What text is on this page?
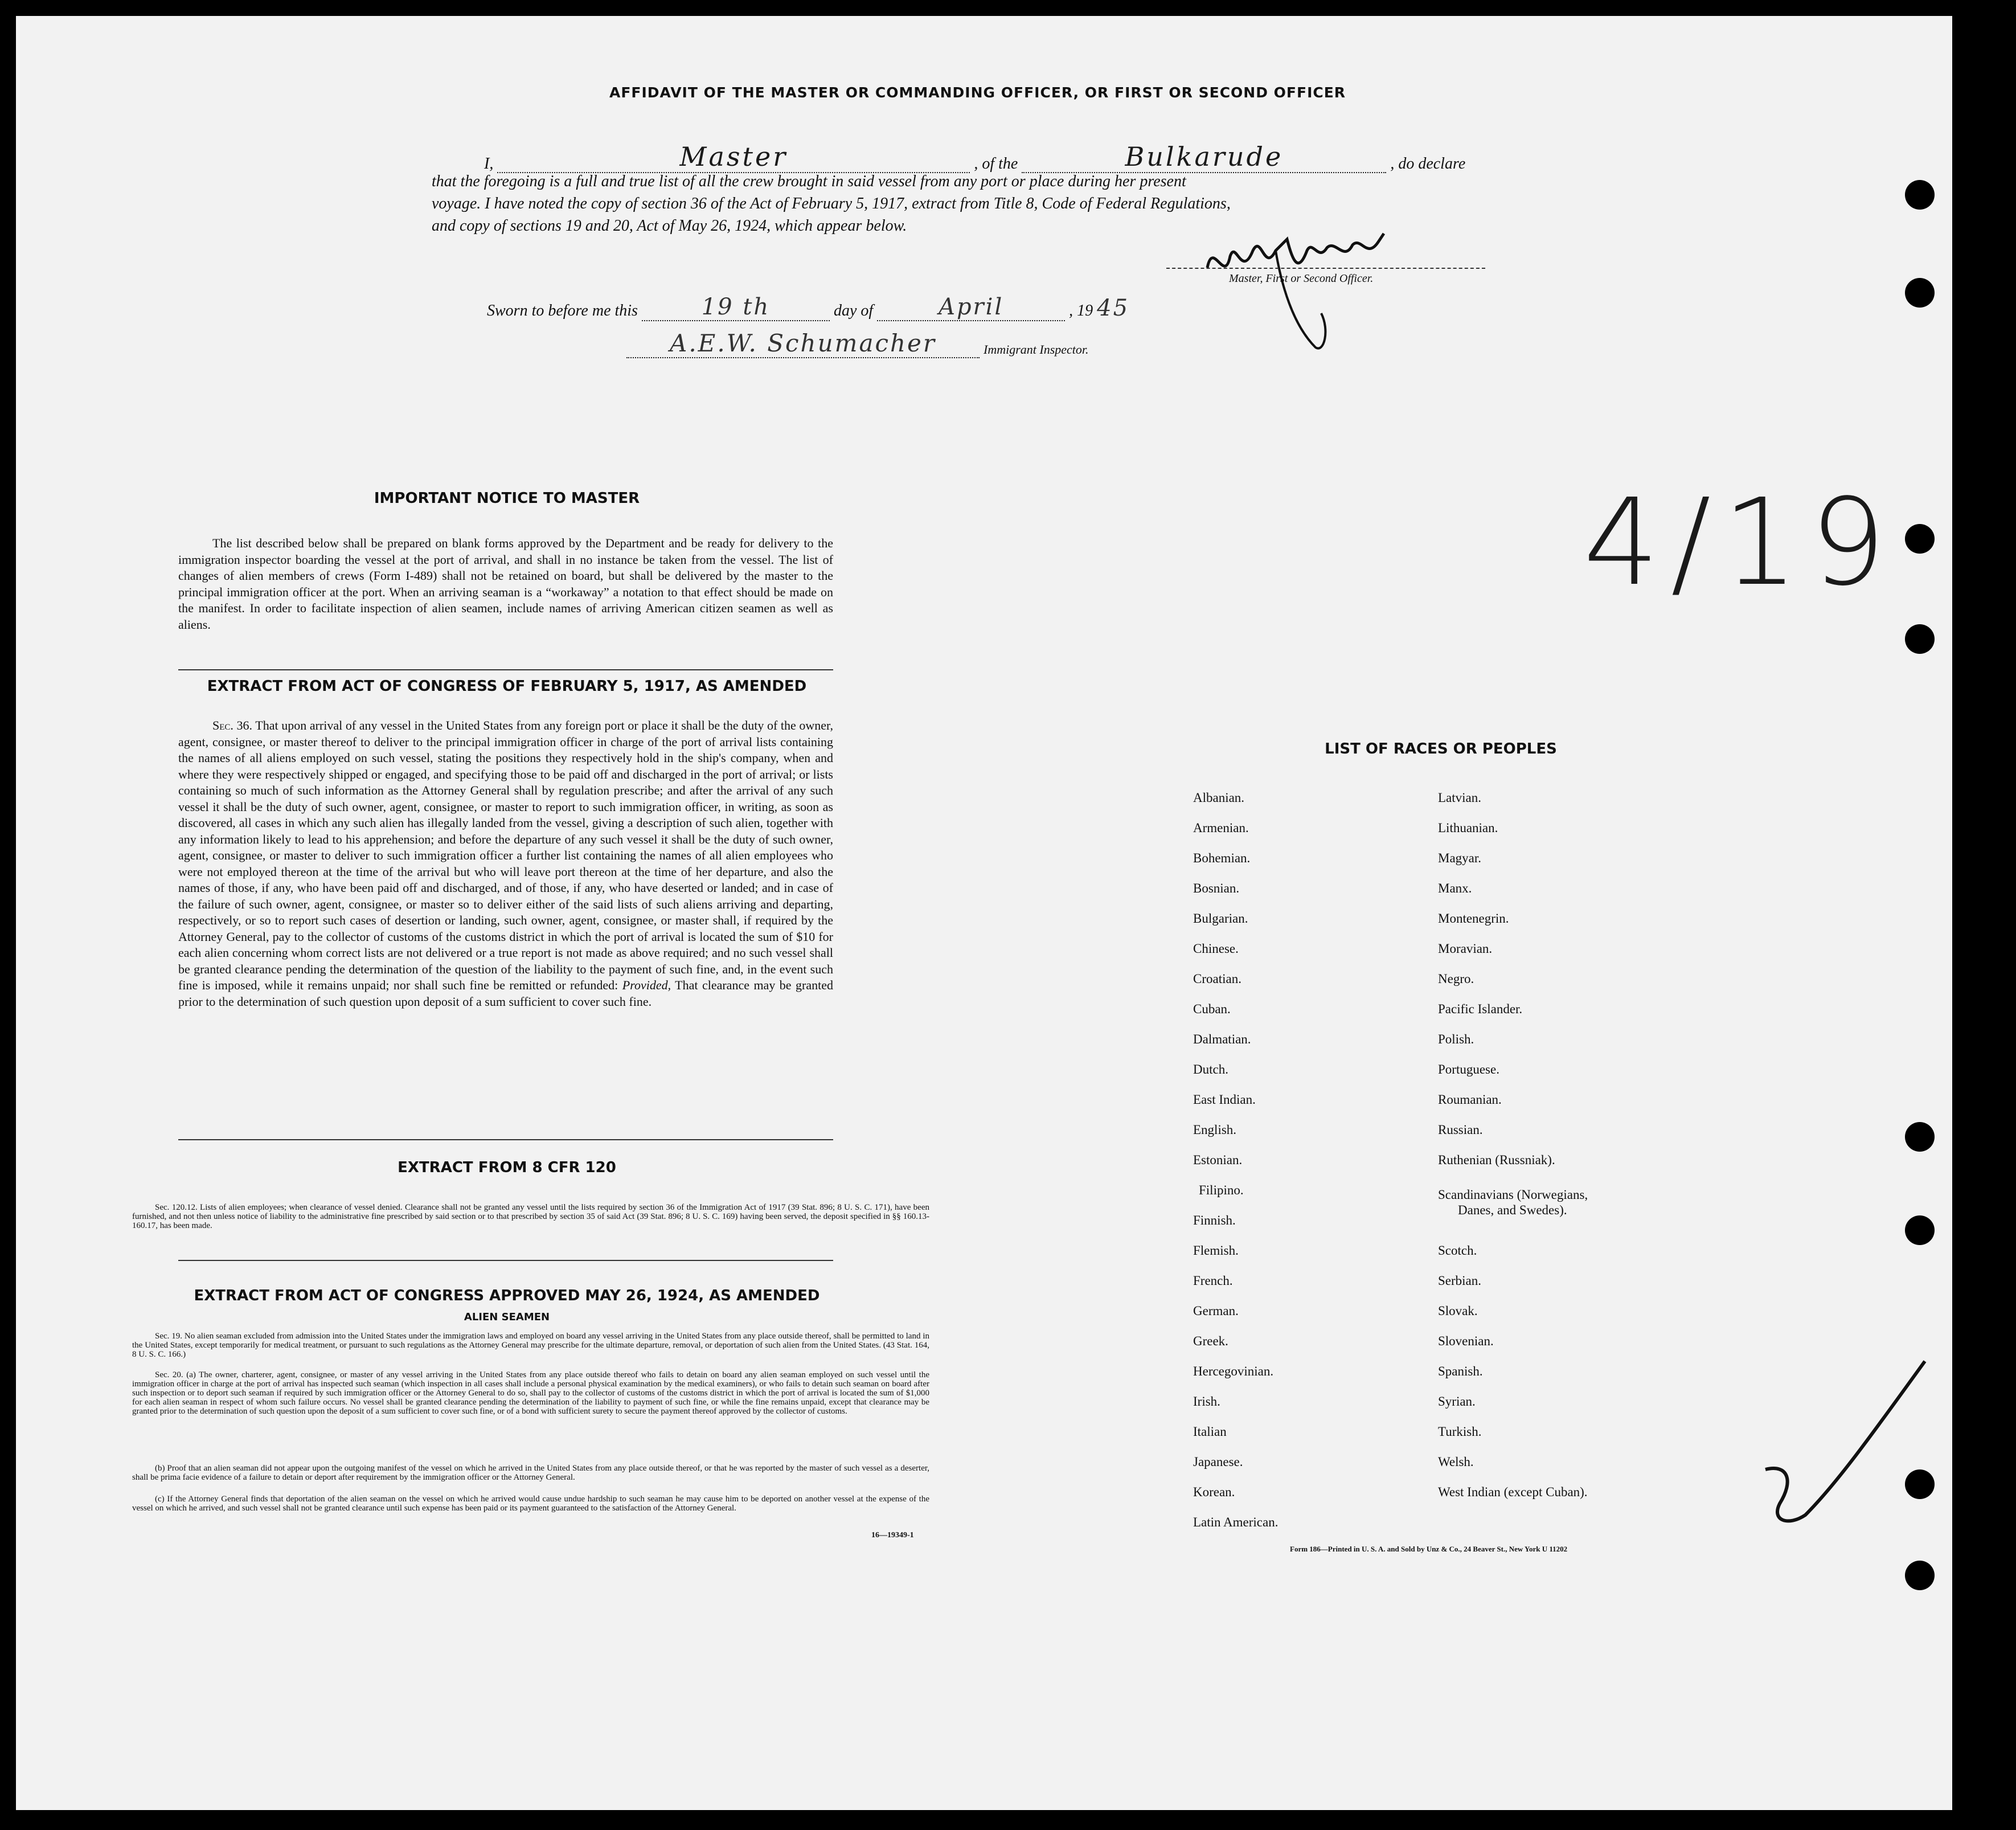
AFFIDAVIT OF THE MASTER OR COMMANDING OFFICER, OR FIRST OR SECOND OFFICER
I,	Master	, of the	Bulkarude	, do declare
that the foregoing is a full and true list of all the crew brought in said vessel from any port or place during her present
voyage. I have noted the copy of section 36 of the Act of February 5, 1917, extract from Title 8, Code of Federal Regulations,
and copy of sections 19 and 20, Act of May 26, 1924, which appear below.
Master, First or Second Officer.
Sworn to before me this	19 th	day of	April	, 19 45
A.E.W. Schumacher	Immigrant Inspector.
4/19
IMPORTANT NOTICE TO MASTER
The list described below shall be prepared on blank forms approved by the Department and be ready for delivery to the immigration inspector boarding the vessel at the port of arrival, and shall in no instance be taken from the vessel. The list of changes of alien members of crews (Form I-489) shall not be retained on board, but shall be delivered by the master to the principal immigration officer at the port. When an arriving seaman is a “workaway” a notation to that effect should be made on the manifest. In order to facilitate inspection of alien seamen, include names of arriving American citizen seamen as well as aliens.
EXTRACT FROM ACT OF CONGRESS OF FEBRUARY 5, 1917, AS AMENDED
Sec. 36. That upon arrival of any vessel in the United States from any foreign port or place it shall be the duty of the owner, agent, consignee, or master thereof to deliver to the principal immigration officer in charge of the port of arrival lists containing the names of all aliens employed on such vessel, stating the positions they respectively hold in the ship's company, when and where they were respectively shipped or engaged, and specifying those to be paid off and discharged in the port of arrival; or lists containing so much of such information as the Attorney General shall by regulation prescribe; and after the arrival of any such vessel it shall be the duty of such owner, agent, consignee, or master to report to such immigration officer, in writing, as soon as discovered, all cases in which any such alien has illegally landed from the vessel, giving a description of such alien, together with any information likely to lead to his apprehension; and before the departure of any such vessel it shall be the duty of such owner, agent, consignee, or master to deliver to such immigration officer a further list containing the names of all alien employees who were not employed thereon at the time of the arrival but who will leave port thereon at the time of her departure, and also the names of those, if any, who have been paid off and discharged, and of those, if any, who have deserted or landed; and in case of the failure of such owner, agent, consignee, or master so to deliver either of the said lists of such aliens arriving and departing, respectively, or so to report such cases of desertion or landing, such owner, agent, consignee, or master shall, if required by the Attorney General, pay to the collector of customs of the customs district in which the port of arrival is located the sum of $10 for each alien concerning whom correct lists are not delivered or a true report is not made as above required; and no such vessel shall be granted clearance pending the determination of the question of the liability to the payment of such fine, and, in the event such fine is imposed, while it remains unpaid; nor shall such fine be remitted or refunded: Provided, That clearance may be granted prior to the determination of such question upon deposit of a sum sufficient to cover such fine.
EXTRACT FROM 8 CFR 120
Sec. 120.12. Lists of alien employees; when clearance of vessel denied. Clearance shall not be granted any vessel until the lists required by section 36 of the Immigration Act of 1917 (39 Stat. 896; 8 U. S. C. 171), have been furnished, and not then unless notice of liability to the administrative fine prescribed by said section or to that prescribed by section 35 of said Act (39 Stat. 896; 8 U. S. C. 169) having been served, the deposit specified in §§ 160.13-160.17, has been made.
EXTRACT FROM ACT OF CONGRESS APPROVED MAY 26, 1924, AS AMENDED
ALIEN SEAMEN
Sec. 19. No alien seaman excluded from admission into the United States under the immigration laws and employed on board any vessel arriving in the United States from any place outside thereof, shall be permitted to land in the United States, except temporarily for medical treatment, or pursuant to such regulations as the Attorney General may prescribe for the ultimate departure, removal, or deportation of such alien from the United States. (43 Stat. 164, 8 U. S. C. 166.)
Sec. 20. (a) The owner, charterer, agent, consignee, or master of any vessel arriving in the United States from any place outside thereof who fails to detain on board any alien seaman employed on such vessel until the immigration officer in charge at the port of arrival has inspected such seaman (which inspection in all cases shall include a personal physical examination by the medical examiners), or who fails to detain such seaman on board after such inspection or to deport such seaman if required by such immigration officer or the Attorney General to do so, shall pay to the collector of customs of the customs district in which the port of arrival is located the sum of $1,000 for each alien seaman in respect of whom such failure occurs. No vessel shall be granted clearance pending the determination of the liability to payment of such fine, or while the fine remains unpaid, except that clearance may be granted prior to the determination of such question upon the deposit of a sum sufficient to cover such fine, or of a bond with sufficient surety to secure the payment thereof approved by the collector of customs.
(b) Proof that an alien seaman did not appear upon the outgoing manifest of the vessel on which he arrived in the United States from any place outside thereof, or that he was reported by the master of such vessel as a deserter, shall be prima facie evidence of a failure to detain or deport after requirement by the immigration officer or the Attorney General.
(c) If the Attorney General finds that deportation of the alien seaman on the vessel on which he arrived would cause undue hardship to such seaman he may cause him to be deported on another vessel at the expense of the vessel on which he arrived, and such vessel shall not be granted clearance until such expense has been paid or its payment guaranteed to the satisfaction of the Attorney General.
16—19349-1
LIST OF RACES OR PEOPLES
Albanian.
Armenian.
Bohemian.
Bosnian.
Bulgarian.
Chinese.
Croatian.
Cuban.
Dalmatian.
Dutch.
East Indian.
English.
Estonian.
Filipino.
Finnish.
Flemish.
French.
German.
Greek.
Hercegovinian.
Irish.
Italian
Japanese.
Korean.
Latin American.
Latvian.
Lithuanian.
Magyar.
Manx.
Montenegrin.
Moravian.
Negro.
Pacific Islander.
Polish.
Portuguese.
Roumanian.
Russian.
Ruthenian (Russniak).
Scandinavians (Norwegians,
Danes, and Swedes).
Scotch.
Serbian.
Slovak.
Slovenian.
Spanish.
Syrian.
Turkish.
Welsh.
West Indian (except Cuban).
Form 186—Printed in U. S. A. and Sold by Unz & Co., 24 Beaver St., New York U 11202
